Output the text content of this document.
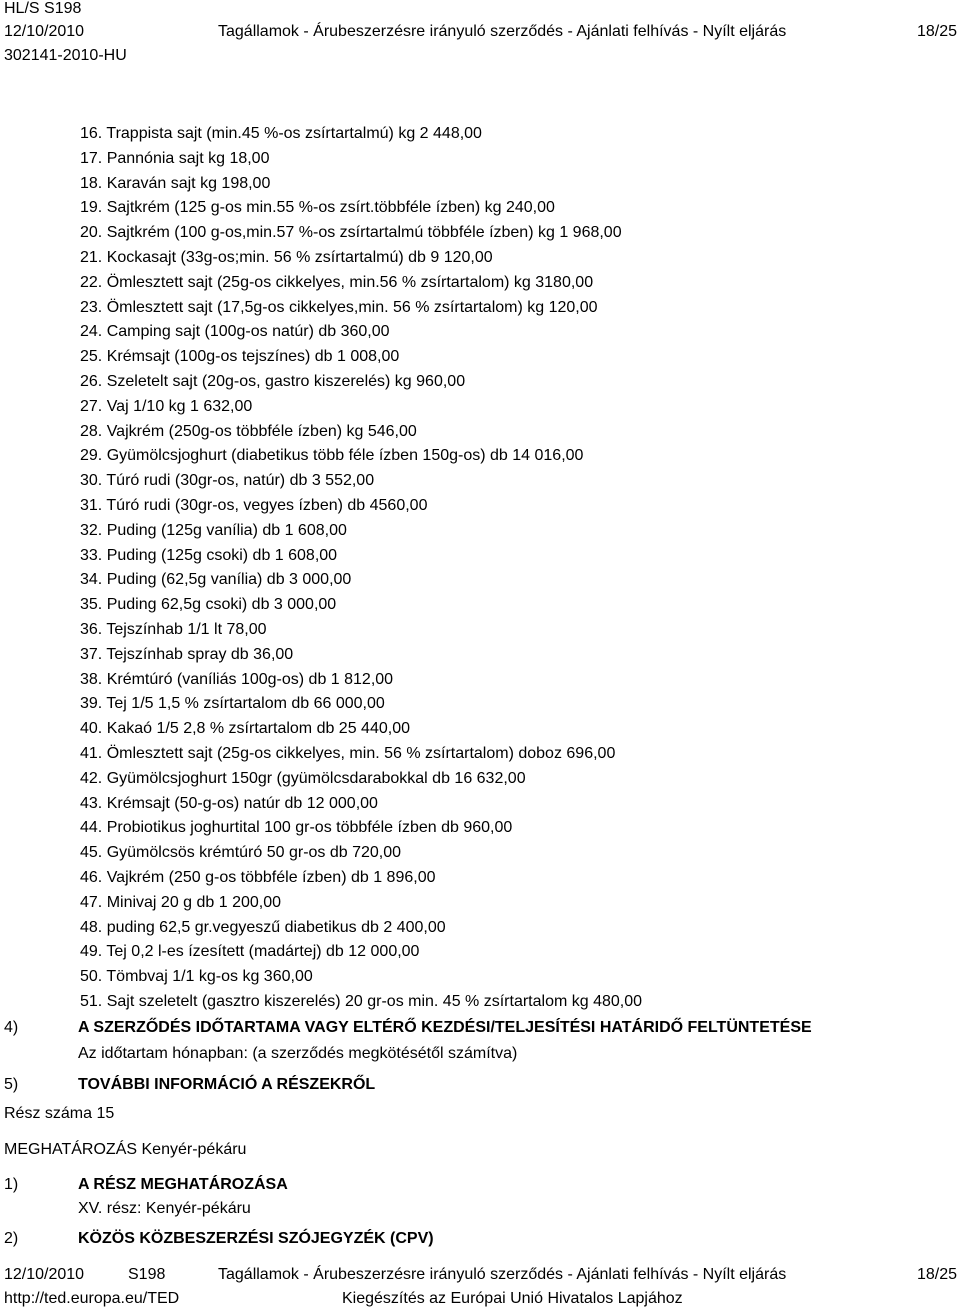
HL/S S198
12/10/2010	Tagállamok - Árubeszerzésre irányuló szerződés - Ajánlati felhívás - Nyílt eljárás	18/25
302141-2010-HU
16. Trappista sajt (min.45 %-os zsírtartalmú) kg 2 448,00
17. Pannónia sajt kg 18,00
18. Karaván sajt kg 198,00
19. Sajtkrém (125 g-os min.55 %-os zsírt.többféle ízben) kg 240,00
20. Sajtkrém (100 g-os,min.57 %-os zsírtartalmú többféle ízben) kg 1 968,00
21. Kockasajt (33g-os;min. 56 % zsírtartalmú) db 9 120,00
22. Ömlesztett sajt (25g-os cikkelyes, min.56 % zsírtartalom) kg 3180,00
23. Ömlesztett sajt (17,5g-os cikkelyes,min. 56 % zsírtartalom) kg 120,00
24. Camping sajt (100g-os natúr) db 360,00
25. Krémsajt (100g-os tejszínes) db 1 008,00
26. Szeletelt sajt (20g-os, gastro kiszerelés) kg 960,00
27. Vaj 1/10 kg 1 632,00
28. Vajkrém (250g-os többféle ízben) kg 546,00
29. Gyümölcsjoghurt (diabetikus több féle ízben 150g-os) db 14 016,00
30. Túró rudi (30gr-os, natúr) db 3 552,00
31. Túró rudi (30gr-os, vegyes ízben) db 4560,00
32. Puding (125g vanília) db 1 608,00
33. Puding (125g csoki) db 1 608,00
34. Puding (62,5g vanília) db 3 000,00
35. Puding 62,5g csoki) db 3 000,00
36. Tejszínhab 1/1 lt 78,00
37. Tejszínhab spray db 36,00
38. Krémtúró (vaníliás 100g-os) db 1 812,00
39. Tej 1/5 1,5 % zsírtartalom db 66 000,00
40. Kakaó 1/5 2,8 % zsírtartalom db 25 440,00
41. Ömlesztett sajt (25g-os cikkelyes, min. 56 % zsírtartalom) doboz 696,00
42. Gyümölcsjoghurt 150gr (gyümölcsdarabokkal db 16 632,00
43. Krémsajt (50-g-os) natúr db 12 000,00
44. Probiotikus joghurtital 100 gr-os többféle ízben db 960,00
45. Gyümölcsös krémtúró 50 gr-os db 720,00
46. Vajkrém (250 g-os többféle ízben) db 1 896,00
47. Minivaj 20 g db 1 200,00
48. puding 62,5 gr.vegyeszű diabetikus db 2 400,00
49. Tej 0,2 l-es ízesített (madártej) db 12 000,00
50. Tömbvaj 1/1 kg-os kg 360,00
51. Sajt szeletelt (gasztro kiszerelés) 20 gr-os min. 45 % zsírtartalom kg 480,00
4)	A SZERZŐDÉS IDŐTARTAMA VAGY ELTÉRŐ KEZDÉSI/TELJESÍTÉSI HATÁRIDŐ FELTÜNTETÉSE
Az időtartam hónapban: (a szerződés megkötésétől számítva)
5)	TOVÁBBI INFORMÁCIÓ A RÉSZEKRŐL
Rész száma 15
MEGHATÁROZÁS Kenyér-pékáru
1)	A RÉSZ MEGHATÁROZÁSA
XV. rész: Kenyér-pékáru
2)	KÖZÖS KÖZBESZERZÉSI SZÓJEGYZÉK (CPV)
12/10/2010	S198	Tagállamok - Árubeszerzésre irányuló szerződés - Ajánlati felhívás - Nyílt eljárás	18/25
http://ted.europa.eu/TED	Kiegészítés az Európai Unió Hivatalos Lapjához
